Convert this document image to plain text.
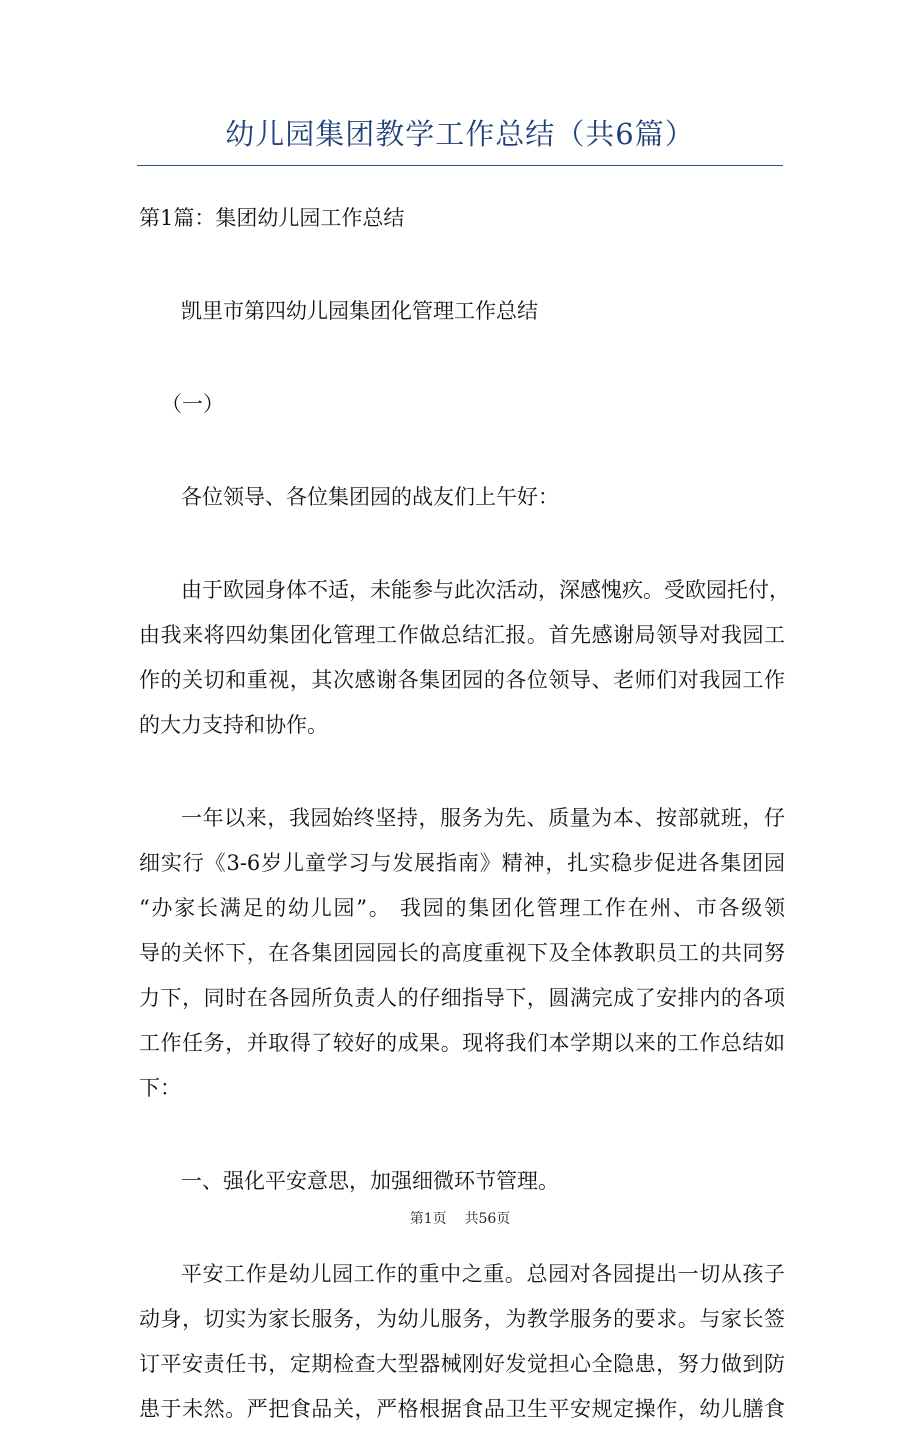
幼儿园集团教学工作总结（共6篇）

第1篇：集团幼儿园工作总结

凯里市第四幼儿园集团化管理工作总结

（一）

各位领导、各位集团园的战友们上午好：

由于欧园身体不适，未能参与此次活动，深感愧疚。受欧园托付，

由我来将四幼集团化管理工作做总结汇报。首先感谢局领导对我园工

作的关切和重视，其次感谢各集团园的各位领导、老师们对我园工作

的大力支持和协作。

一年以来，我园始终坚持，服务为先、质量为本、按部就班，仔

细实行《3-6岁儿童学习与发展指南》精神，扎实稳步促进各集团园

“办家长满足的幼儿园”。 我园的集团化管理工作在州、市各级领

导的关怀下，在各集团园园长的高度重视下及全体教职员工的共同努

力下，同时在各园所负责人的仔细指导下，圆满完成了安排内的各项

工作任务，并取得了较好的成果。现将我们本学期以来的工作总结如

下：

一、强化平安意思，加强细微环节管理。

平安工作是幼儿园工作的重中之重。总园对各园提出一切从孩子

动身，切实为家长服务，为幼儿服务，为教学服务的要求。与家长签

订平安责任书，定期检查大型器械刚好发觉担心全隐患，努力做到防

患于未然。严把食品关，严格根据食品卫生平安规定操作，幼儿膳食

第1页 共56页
